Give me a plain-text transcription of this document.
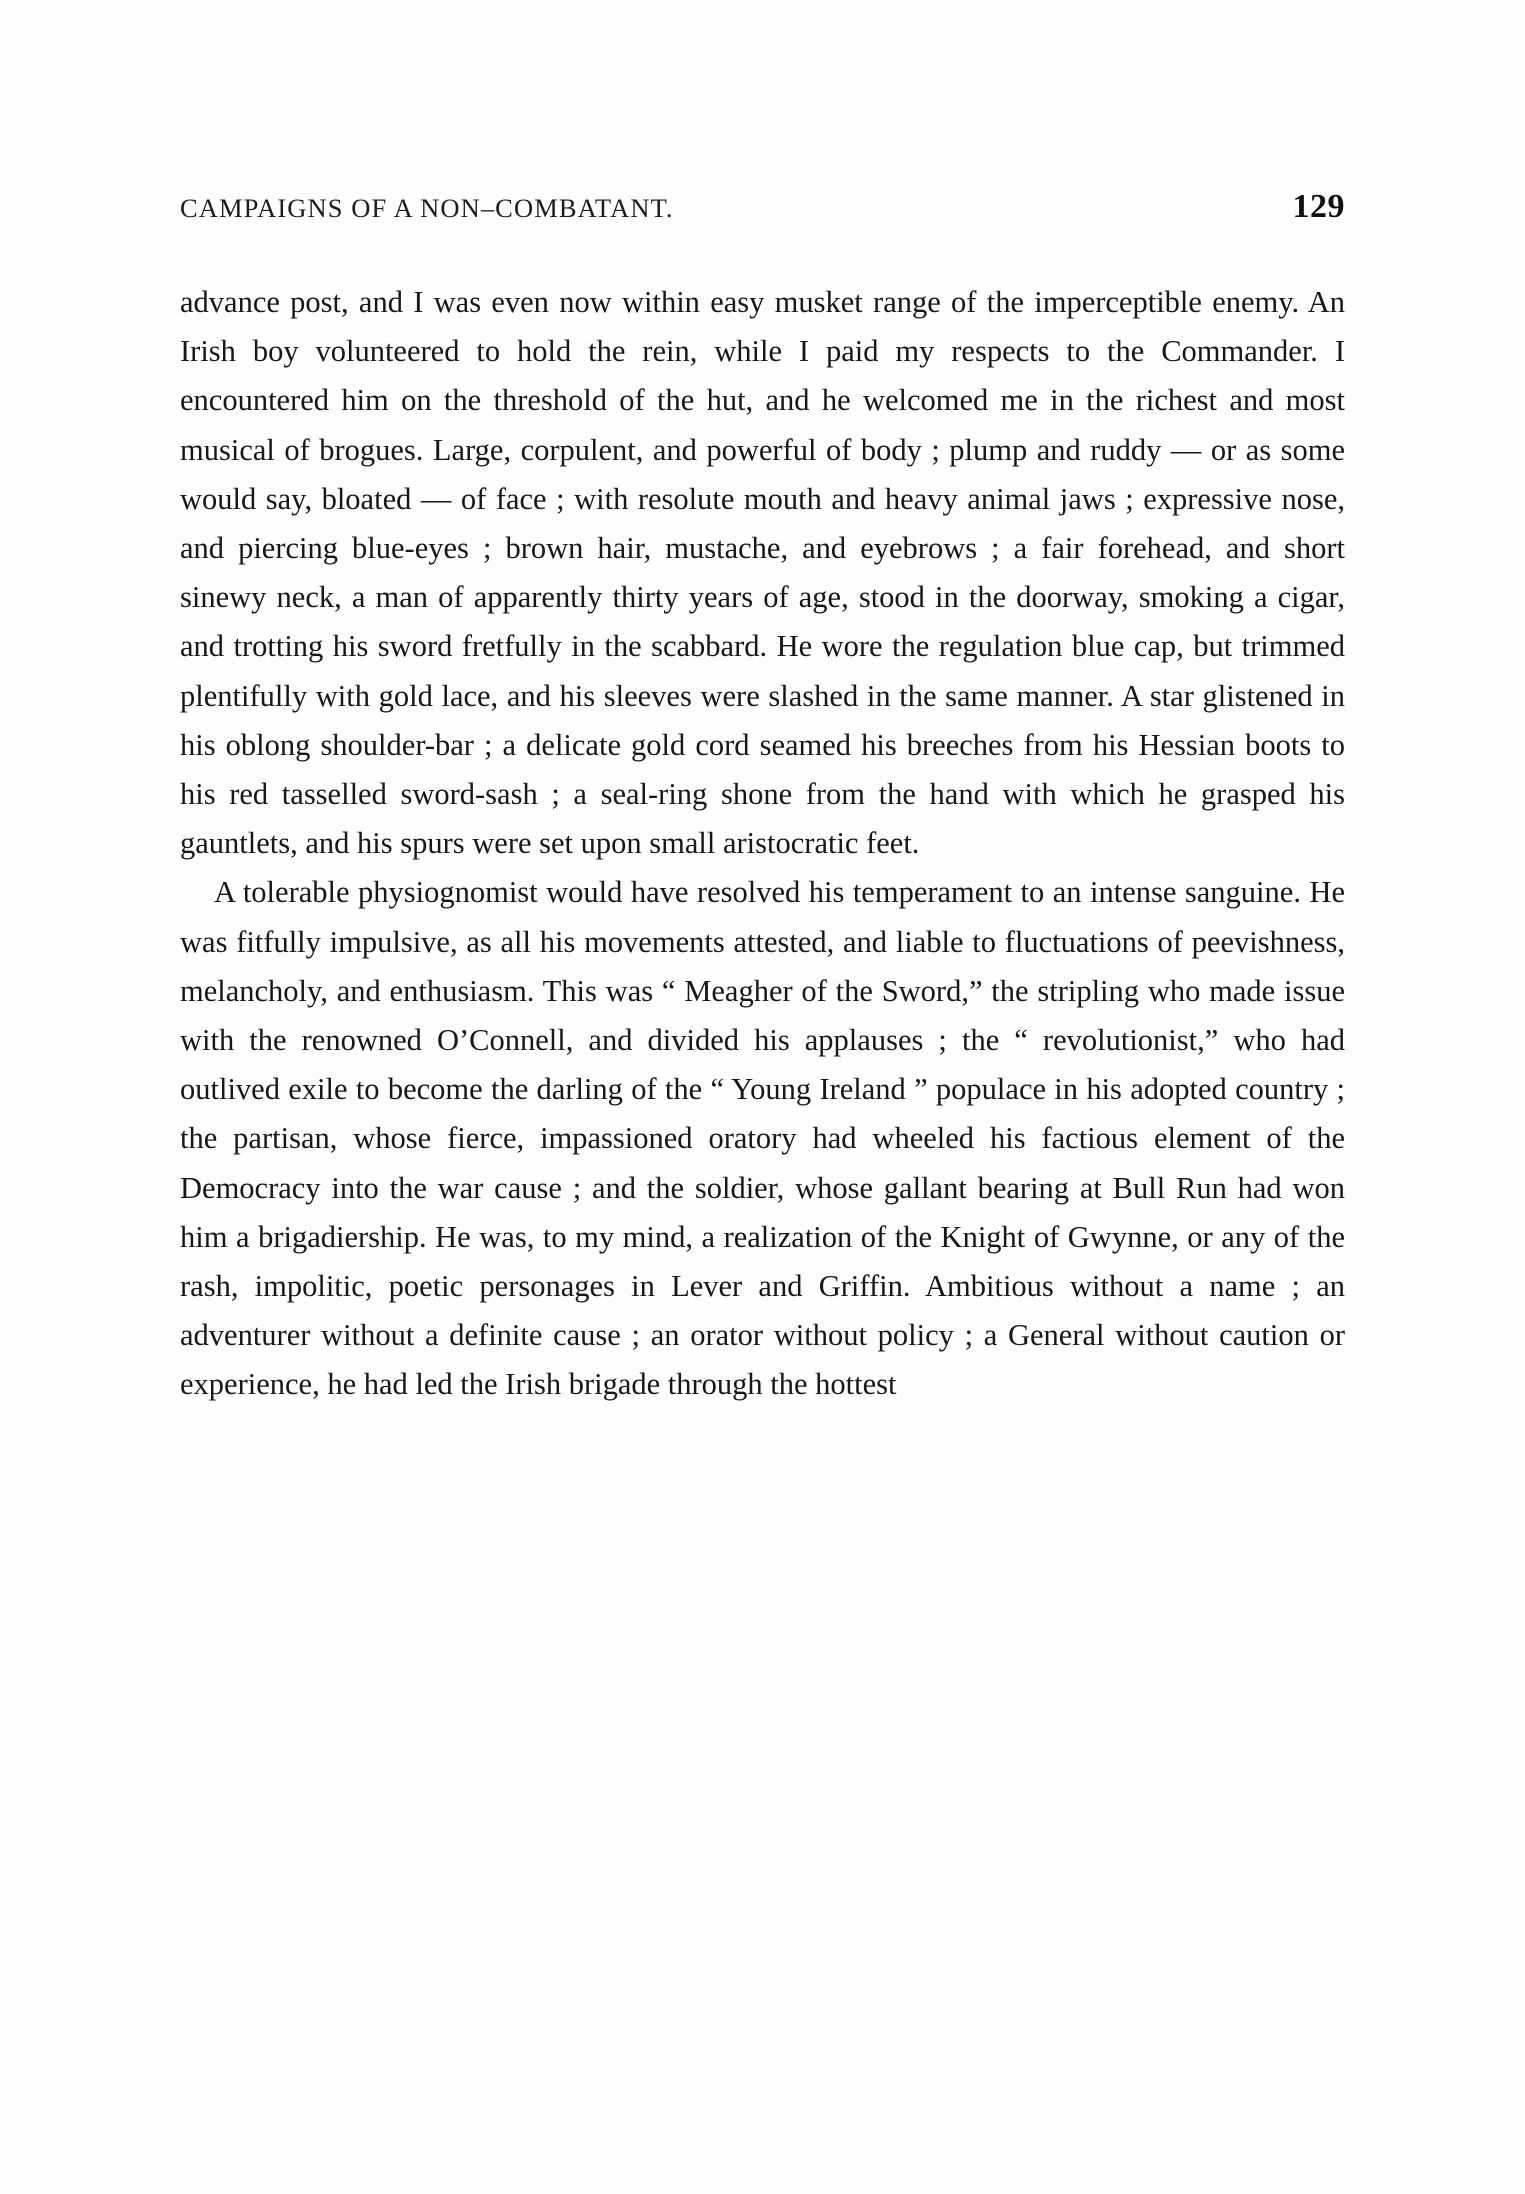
CAMPAIGNS OF A NON–COMBATANT.	129

advance post, and I was even now within easy musket range of the imperceptible enemy. An Irish boy volunteered to hold the rein, while I paid my respects to the Commander. I encountered him on the threshold of the hut, and he welcomed me in the richest and most musical of brogues. Large, corpulent, and powerful of body ; plump and ruddy — or as some would say, bloated — of face ; with resolute mouth and heavy animal jaws ; expressive nose, and piercing blue-eyes ; brown hair, mustache, and eyebrows ; a fair forehead, and short sinewy neck, a man of apparently thirty years of age, stood in the doorway, smoking a cigar, and trotting his sword fretfully in the scabbard. He wore the regulation blue cap, but trimmed plentifully with gold lace, and his sleeves were slashed in the same manner. A star glistened in his oblong shoulder-bar ; a delicate gold cord seamed his breeches from his Hessian boots to his red tasselled sword-sash ; a seal-ring shone from the hand with which he grasped his gauntlets, and his spurs were set upon small aristocratic feet.

A tolerable physiognomist would have resolved his temperament to an intense sanguine. He was fitfully impulsive, as all his movements attested, and liable to fluctuations of peevishness, melancholy, and enthusiasm. This was “ Meagher of the Sword,” the stripling who made issue with the renowned O’Connell, and divided his applauses ; the “ revolutionist,” who had outlived exile to become the darling of the “ Young Ireland ” populace in his adopted country ; the partisan, whose fierce, impassioned oratory had wheeled his factious element of the Democracy into the war cause ; and the soldier, whose gallant bearing at Bull Run had won him a brigadiership. He was, to my mind, a realization of the Knight of Gwynne, or any of the rash, impolitic, poetic personages in Lever and Griffin. Ambitious without a name ; an adventurer without a definite cause ; an orator without policy ; a General without caution or experience, he had led the Irish brigade through the hottest
